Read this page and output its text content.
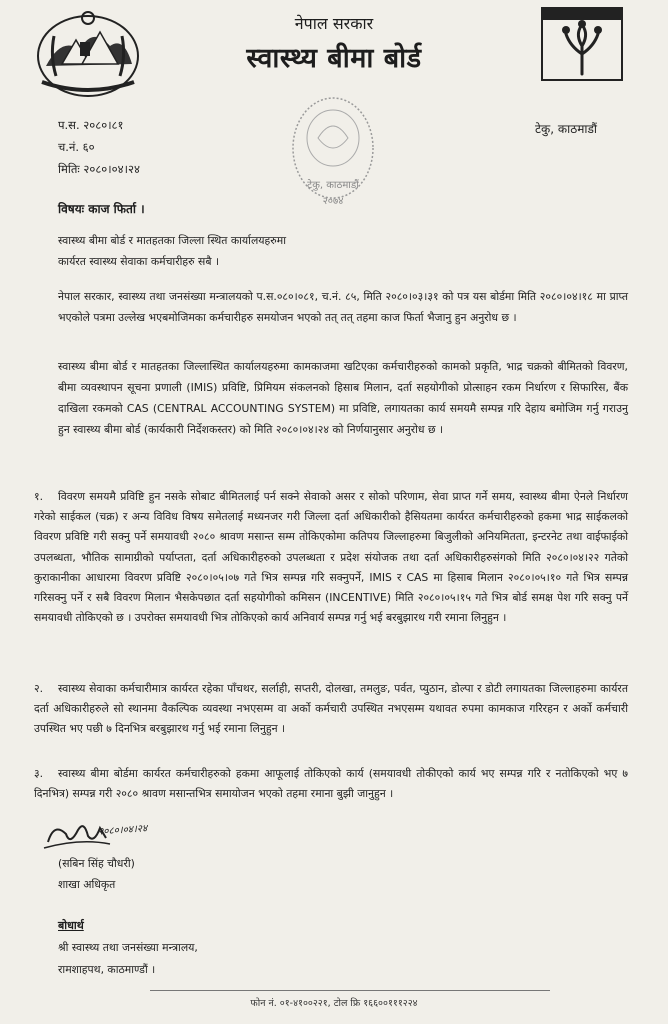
नेपाल सरकार
स्वास्थ्य बीमा बोर्ड
प.स. २०८०।८१
च.नं. ६०
मितिः २०८०।०४।२४
टेकु, काठमाडौं
टेकु, काठमाडौं
२०७४
विषयः काज फिर्ता ।
स्वास्थ्य बीमा बोर्ड र मातहतका जिल्ला स्थित कार्यालयहरुमा
कार्यरत स्वास्थ्य सेवाका कर्मचारीहरु सबै ।
नेपाल सरकार, स्वास्थ्य तथा जनसंख्या मन्त्रालयको प.स.०८०।०८१, च.नं. ८५, मिति २०८०।०३।३१ को पत्र यस बोर्डमा मिति २०८०।०४।१८ मा प्राप्त भएकोले पत्रमा उल्लेख भएबमोजिमका कर्मचारीहरु समयोजन भएको तत् तत् तहमा काज फिर्ता भैजानु हुन अनुरोध छ ।
स्वास्थ्य बीमा बोर्ड र मातहतका जिल्लास्थित कार्यालयहरुमा कामकाजमा खटिएका कर्मचारीहरुको कामको प्रकृति, भाद्र चक्रको बीमितको विवरण, बीमा व्यवस्थापन सूचना प्रणाली (IMIS) प्रविष्टि, प्रिमियम संकलनको हिसाब मिलान, दर्ता सहयोगीको प्रोत्साहन रकम निर्धारण र सिफारिस, बैंक दाखिला रकमको CAS (CENTRAL ACCOUNTING SYSTEM) मा प्रविष्टि, लगायतका कार्य समयमै सम्पन्न गरि देहाय बमोजिम गर्नु गराउनु हुन स्वास्थ्य बीमा बोर्ड (कार्यकारी निर्देशकस्तर) को मिति २०८०।०४।२४ को निर्णयानुसार अनुरोध छ ।
१. विवरण समयमै प्रविष्टि हुन नसके सोबाट बीमितलाई पर्न सक्ने सेवाको असर र सोको परिणाम, सेवा प्राप्त गर्ने समय, स्वास्थ्य बीमा ऐनले निर्धारण गरेको साईकल (चक्र) र अन्य विविध विषय समेतलाई मध्यनजर गरी जिल्ला दर्ता अधिकारीको हैसियतमा कार्यरत कर्मचारीहरुको हकमा भाद्र साईकलको विवरण प्रविष्टि गरी सक्नु पर्ने समयावधी २०८० श्रावण मसान्त सम्म तोकिएकोमा कतिपय जिल्लाहरुमा बिजुलीको अनियमितता, इन्टरनेट तथा वाईफाईको उपलब्धता, भौतिक सामाग्रीको पर्याप्तता, दर्ता अधिकारीहरुको उपलब्धता र प्रदेश संयोजक तथा दर्ता अधिकारीहरुसंगको मिति २०८०।०४।२२ गतेको कुराकानीका आधारमा विवरण प्रविष्टि २०८०।०५।०७ गते भित्र सम्पन्न गरि सक्नुपर्ने, IMIS र CAS मा हिसाब मिलान २०८०।०५।१० गते भित्र सम्पन्न गरिसक्नु पर्ने र सबै विवरण मिलान भैसकेपछात दर्ता सहयोगीको कमिसन (INCENTIVE) मिति २०८०।०५।१५ गते भित्र बोर्ड समक्ष पेश गरि सक्नु पर्ने समयावधी तोकिएको छ । उपरोक्त समयावधी भित्र तोकिएको कार्य अनिवार्य सम्पन्न गर्नु भई बरबुझारथ गरी रमाना लिनुहुन ।
२. स्वास्थ्य सेवाका कर्मचारीमात्र कार्यरत रहेका पाँचथर, सर्लाही, सप्तरी, दोलखा, तमलुङ, पर्वत, प्युठान, डोल्पा र डोटी लगायतका जिल्लाहरुमा कार्यरत दर्ता अधिकारीहरुले सो स्थानमा वैकल्पिक व्यवस्था नभएसम्म वा अर्को कर्मचारी उपस्थित नभएसम्म यथावत रुपमा कामकाज गरिरहन र अर्को कर्मचारी उपस्थित भए पछी ७ दिनभित्र बरबुझारथ गर्नु भई रमाना लिनुहुन ।
३. स्वास्थ्य बीमा बोर्डमा कार्यरत कर्मचारीहरुको हकमा आफूलाई तोकिएको कार्य (समयावधी तोकीएको कार्य भए सम्पन्न गरि र नतोकिएको भए ७ दिनभित्र) सम्पन्न गरी २०८० श्रावण मसान्तभित्र समायोजन भएको तहमा रमाना बुझी जानुहुन ।
२०८०।०४।२४
(सबिन सिंह चौधरी)
शाखा अधिकृत
बोधार्थ
श्री स्वास्थ्य तथा जनसंख्या मन्त्रालय,
रामशाहपथ, काठमाण्डौं ।
फोन नं. ०१-४१००२२१, टोल फ्रि १६६००१११२२४
